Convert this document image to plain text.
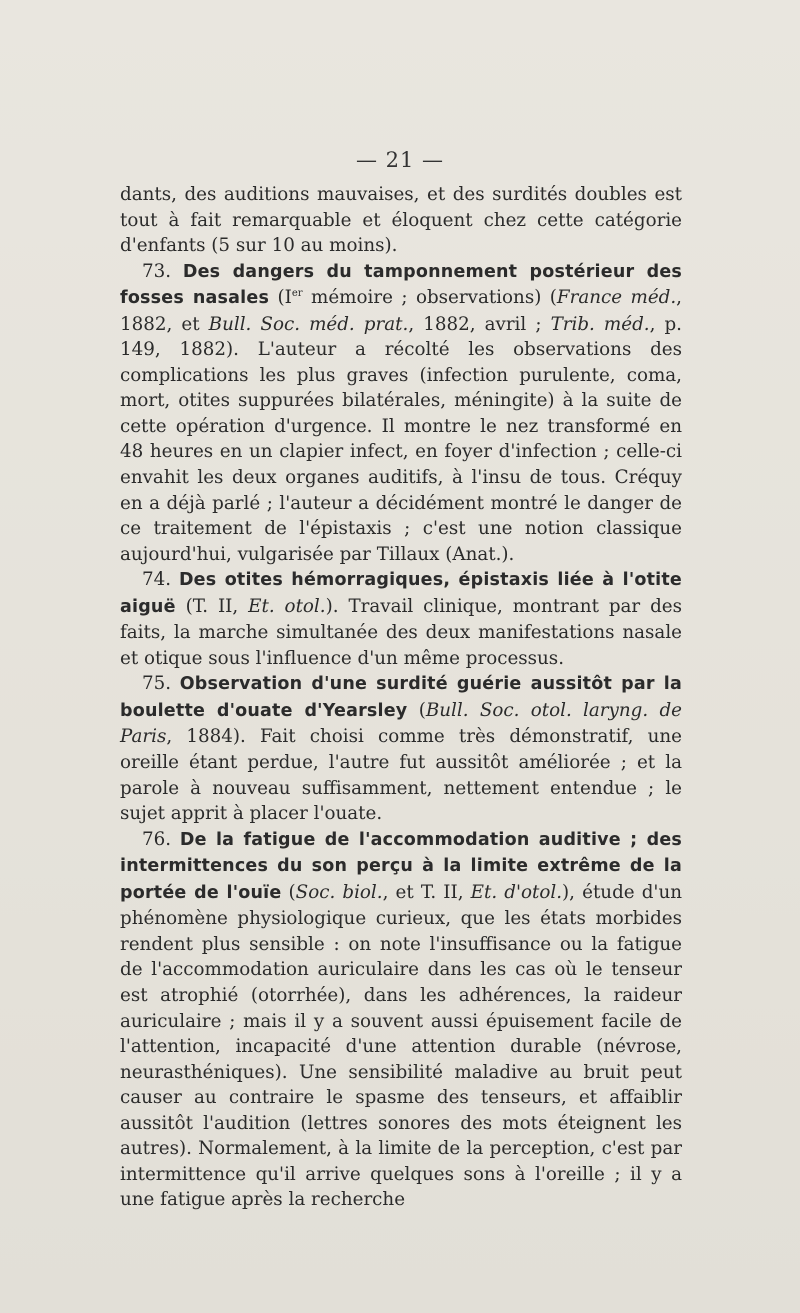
— 21 —

dants, des auditions mauvaises, et des surdités doubles est tout à fait remarquable et éloquent chez cette catégorie d'enfants (5 sur 10 au moins).

73. Des dangers du tamponnement postérieur des fosses nasales (Ier mémoire ; observations) (France méd., 1882, et Bull. Soc. méd. prat., 1882, avril ; Trib. méd., p. 149, 1882). L'auteur a récolté les observations des complications les plus graves (infection purulente, coma, mort, otites suppurées bilatérales, méningite) à la suite de cette opération d'urgence. Il montre le nez transformé en 48 heures en un clapier infect, en foyer d'infection ; celle-ci envahit les deux organes auditifs, à l'insu de tous. Créquy en a déjà parlé ; l'auteur a décidément montré le danger de ce traitement de l'épistaxis ; c'est une notion classique aujourd'hui, vulgarisée par Tillaux (Anat.).

74. Des otites hémorragiques, épistaxis liée à l'otite aiguë (T. II, Et. otol.). Travail clinique, montrant par des faits, la marche simultanée des deux manifestations nasale et otique sous l'influence d'un même processus.

75. Observation d'une surdité guérie aussitôt par la boulette d'ouate d'Yearsley (Bull. Soc. otol. laryng. de Paris, 1884). Fait choisi comme très démonstratif, une oreille étant perdue, l'autre fut aussitôt améliorée ; et la parole à nouveau suffisamment, nettement entendue ; le sujet apprit à placer l'ouate.

76. De la fatigue de l'accommodation auditive ; des intermittences du son perçu à la limite extrême de la portée de l'ouïe (Soc. biol., et T. II, Et. d'otol.), étude d'un phénomène physiologique curieux, que les états morbides rendent plus sensible : on note l'insuffisance ou la fatigue de l'accommodation auriculaire dans les cas où le tenseur est atrophié (otorrhée), dans les adhérences, la raideur auriculaire ; mais il y a souvent aussi épuisement facile de l'attention, incapacité d'une attention durable (névrose, neurasthéniques). Une sensibilité maladive au bruit peut causer au contraire le spasme des tenseurs, et affaiblir aussitôt l'audition (lettres sonores des mots éteignent les autres). Normalement, à la limite de la perception, c'est par intermittence qu'il arrive quelques sons à l'oreille ; il y a une fatigue après la recherche
